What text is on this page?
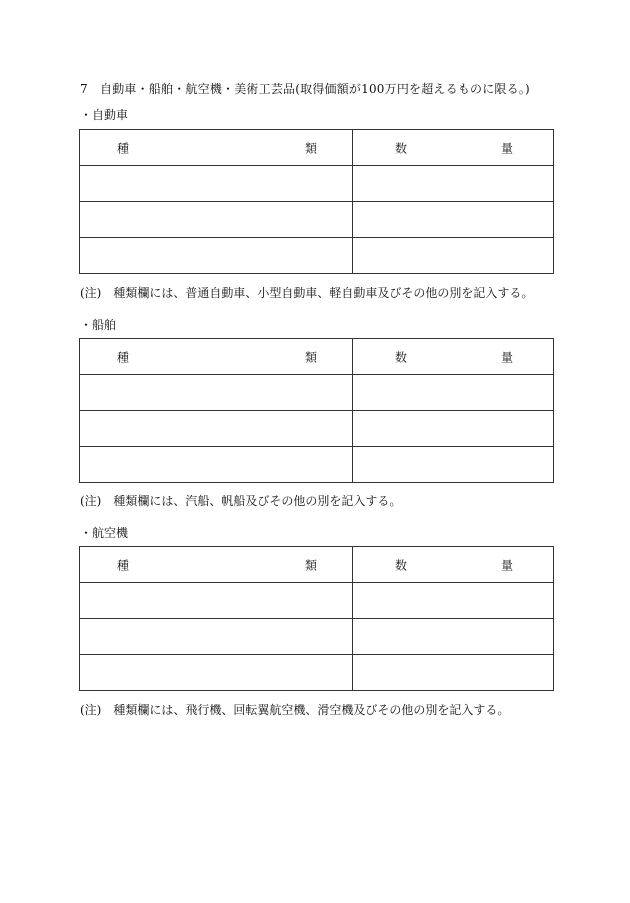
7　自動車・船舶・航空機・美術工芸品(取得価額が100万円を超えるものに限る。)
・自動車
種 類	数 量

(注)　種類欄には、普通自動車、小型自動車、軽自動車及びその他の別を記入する。
・船舶
種 類	数 量

(注)　種類欄には、汽船、帆船及びその他の別を記入する。
・航空機
種 類	数 量

(注)　種類欄には、飛行機、回転翼航空機、滑空機及びその他の別を記入する。
